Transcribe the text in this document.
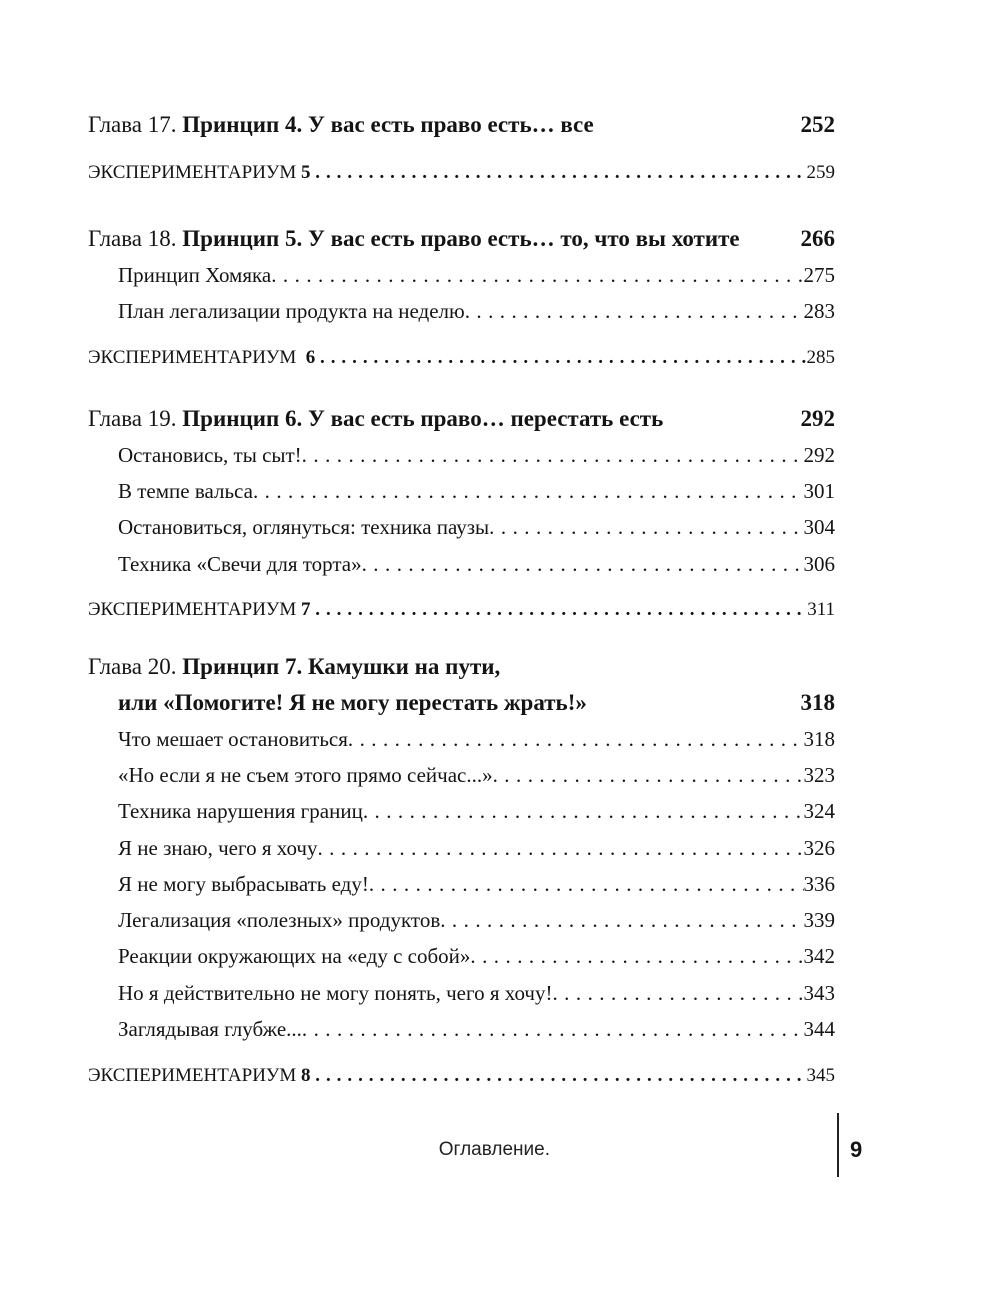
Глава 17. Принцип 4. У вас есть право есть… все	252
ЭКСПЕРИМЕНТАРИУМ 5 . . .	259
Глава 18. Принцип 5. У вас есть право есть… то, что вы хотите	266
Принцип Хомяка . . .	275
План легализации продукта на неделю . . .	283
ЭКСПЕРИМЕНТАРИУМ 6 . . .	285
Глава 19. Принцип 6. У вас есть право… перестать есть	292
Остановись, ты сыт! . . .	292
В темпе вальса . . .	301
Остановиться, оглянуться: техника паузы . . .	304
Техника «Свечи для торта» . . .	306
ЭКСПЕРИМЕНТАРИУМ 7 . . .	311
Глава 20. Принцип 7. Камушки на пути,
или «Помогите! Я не могу перестать жрать!»	318
Что мешает остановиться . . .	318
«Но если я не съем этого прямо сейчас...» . . .	323
Техника нарушения границ . . .	324
Я не знаю, чего я хочу . . .	326
Я не могу выбрасывать еду! . . .	336
Легализация «полезных» продуктов . . .	339
Реакции окружающих на «еду с собой» . . .	342
Но я действительно не могу понять, чего я хочу! . . .	343
Заглядывая глубже... . . .	344
ЭКСПЕРИМЕНТАРИУМ 8 . . .	345
Оглавление.	9
